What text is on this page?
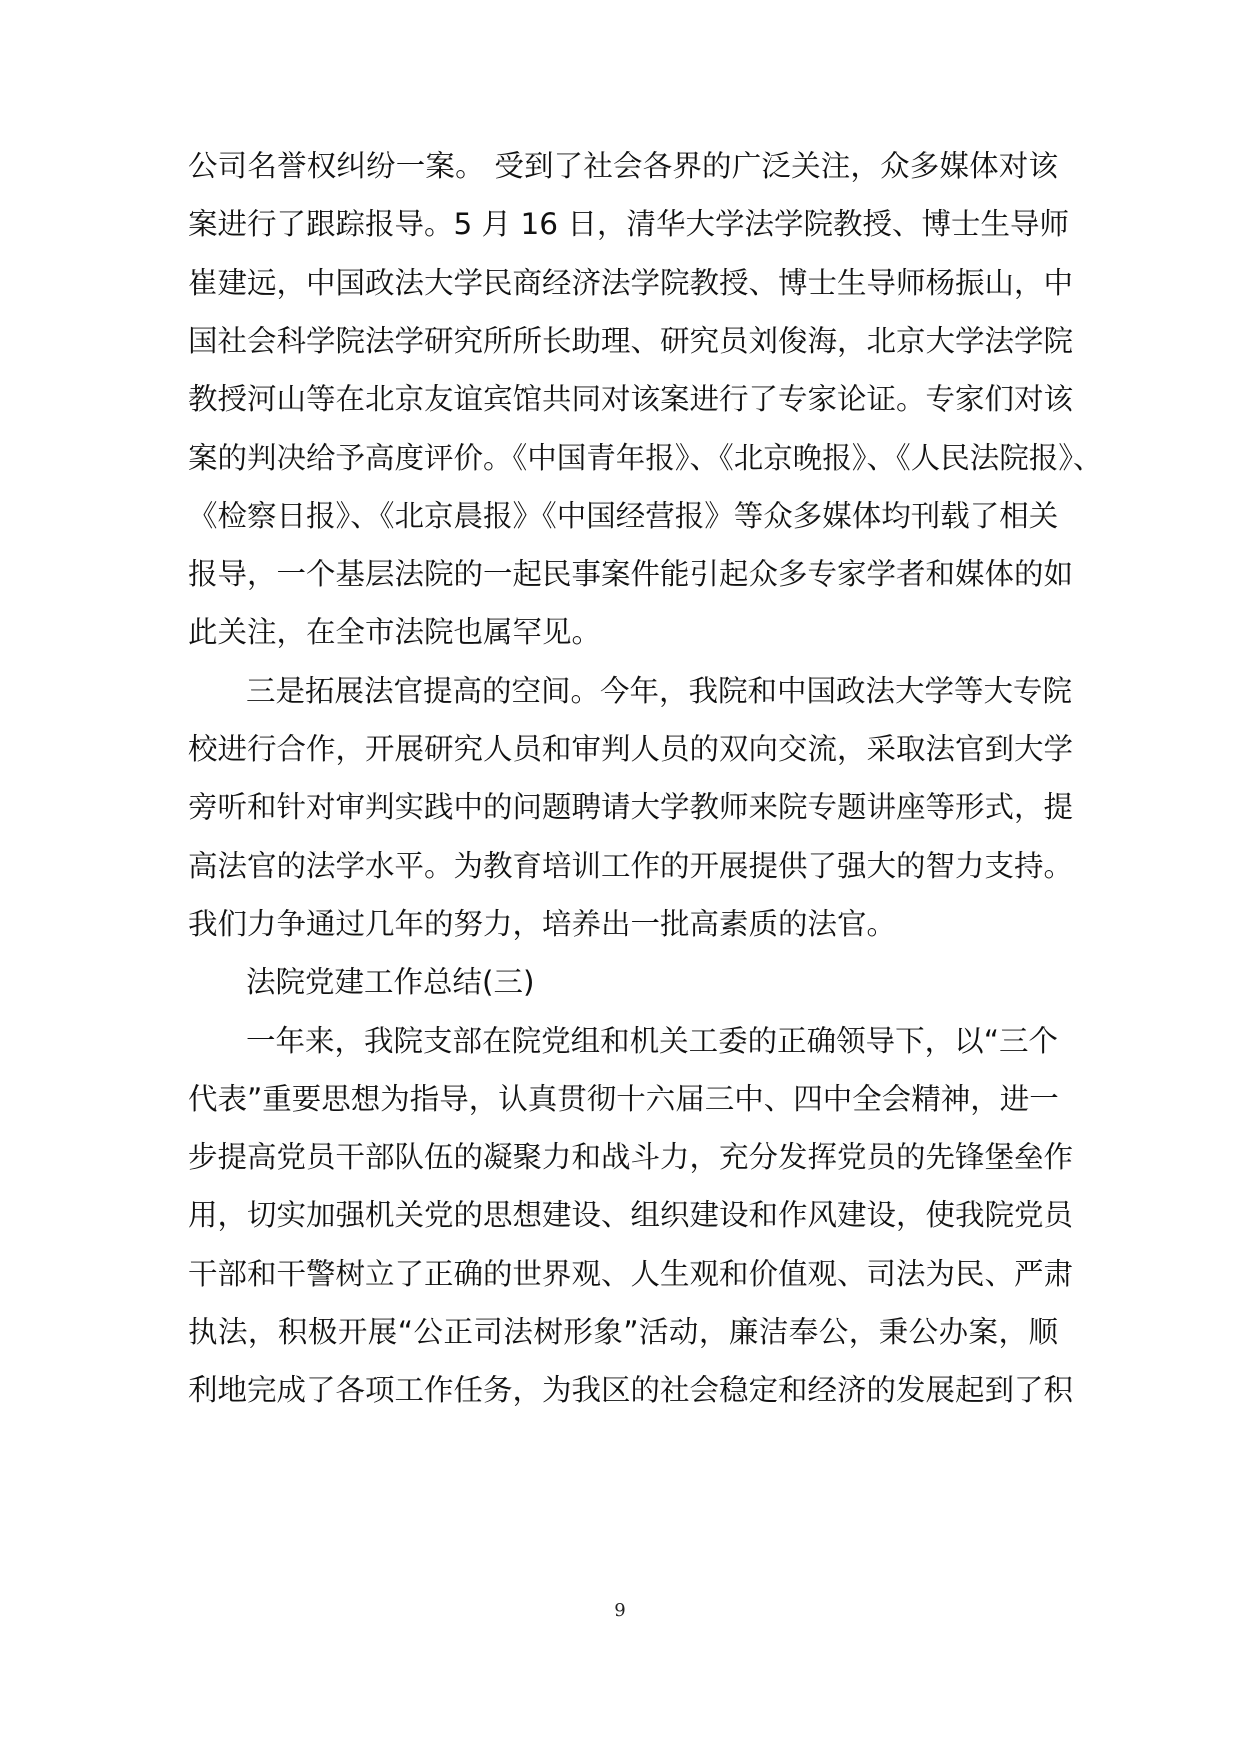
公司名誉权纠纷一案。 受到了社会各界的广泛关注，众多媒体对该
案进行了跟踪报导。5 月 16 日，清华大学法学院教授、博士生导师
崔建远，中国政法大学民商经济法学院教授、博士生导师杨振山，中
国社会科学院法学研究所所长助理、研究员刘俊海，北京大学法学院
教授河山等在北京友谊宾馆共同对该案进行了专家论证。专家们对该
案的判决给予高度评价。《中国青年报》、《北京晚报》、《人民法院报》、
《检察日报》、《北京晨报》《中国经营报》等众多媒体均刊载了相关
报导，一个基层法院的一起民事案件能引起众多专家学者和媒体的如
此关注，在全市法院也属罕见。
三是拓展法官提高的空间。今年，我院和中国政法大学等大专院
校进行合作，开展研究人员和审判人员的双向交流，采取法官到大学
旁听和针对审判实践中的问题聘请大学教师来院专题讲座等形式，提
高法官的法学水平。为教育培训工作的开展提供了强大的智力支持。
我们力争通过几年的努力，培养出一批高素质的法官。
法院党建工作总结(三)
一年来，我院支部在院党组和机关工委的正确领导下，以“三个
代表”重要思想为指导，认真贯彻十六届三中、四中全会精神，进一
步提高党员干部队伍的凝聚力和战斗力，充分发挥党员的先锋堡垒作
用，切实加强机关党的思想建设、组织建设和作风建设，使我院党员
干部和干警树立了正确的世界观、人生观和价值观、司法为民、严肃
执法，积极开展“公正司法树形象”活动，廉洁奉公，秉公办案，顺
利地完成了各项工作任务，为我区的社会稳定和经济的发展起到了积
9
